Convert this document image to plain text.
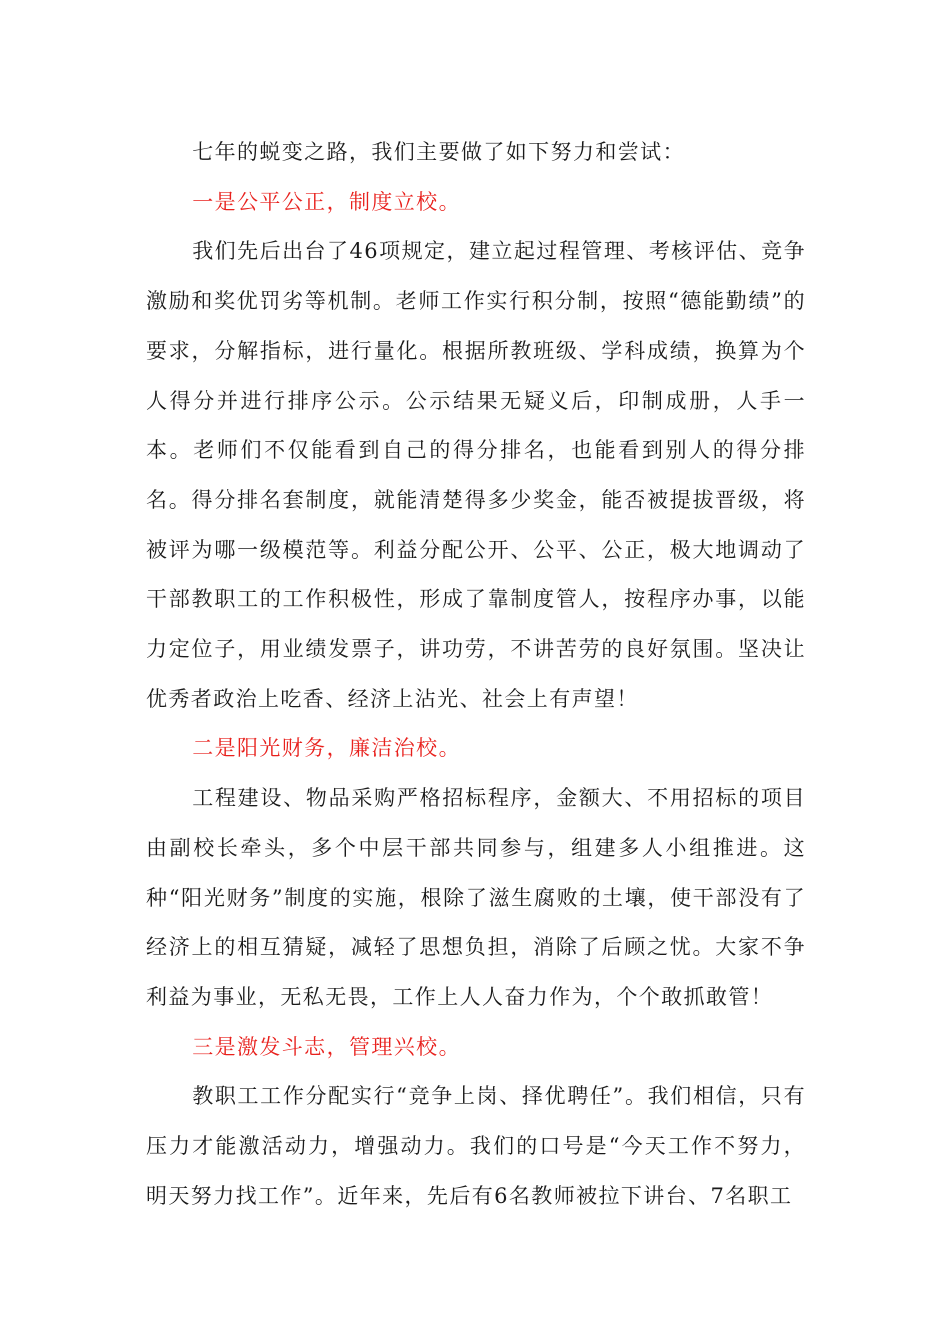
七年的蜕变之路，我们主要做了如下努力和尝试：

一是公平公正，制度立校。

我们先后出台了46项规定，建立起过程管理、考核评估、竞争激励和奖优罚劣等机制。老师工作实行积分制，按照“德能勤绩”的要求，分解指标，进行量化。根据所教班级、学科成绩，换算为个人得分并进行排序公示。公示结果无疑义后，印制成册，人手一本。老师们不仅能看到自己的得分排名，也能看到别人的得分排名。得分排名套制度，就能清楚得多少奖金，能否被提拔晋级，将被评为哪一级模范等。利益分配公开、公平、公正，极大地调动了干部教职工的工作积极性，形成了靠制度管人，按程序办事，以能力定位子，用业绩发票子，讲功劳，不讲苦劳的良好氛围。坚决让优秀者政治上吃香、经济上沾光、社会上有声望！

二是阳光财务，廉洁治校。

工程建设、物品采购严格招标程序，金额大、不用招标的项目由副校长牵头，多个中层干部共同参与，组建多人小组推进。这种“阳光财务”制度的实施，根除了滋生腐败的土壤，使干部没有了经济上的相互猜疑，减轻了思想负担，消除了后顾之忧。大家不争利益为事业，无私无畏，工作上人人奋力作为，个个敢抓敢管！

三是激发斗志，管理兴校。

教职工工作分配实行“竞争上岗、择优聘任”。我们相信，只有压力才能激活动力，增强动力。我们的口号是“今天工作不努力，明天努力找工作”。近年来，先后有6名教师被拉下讲台、7名职工
